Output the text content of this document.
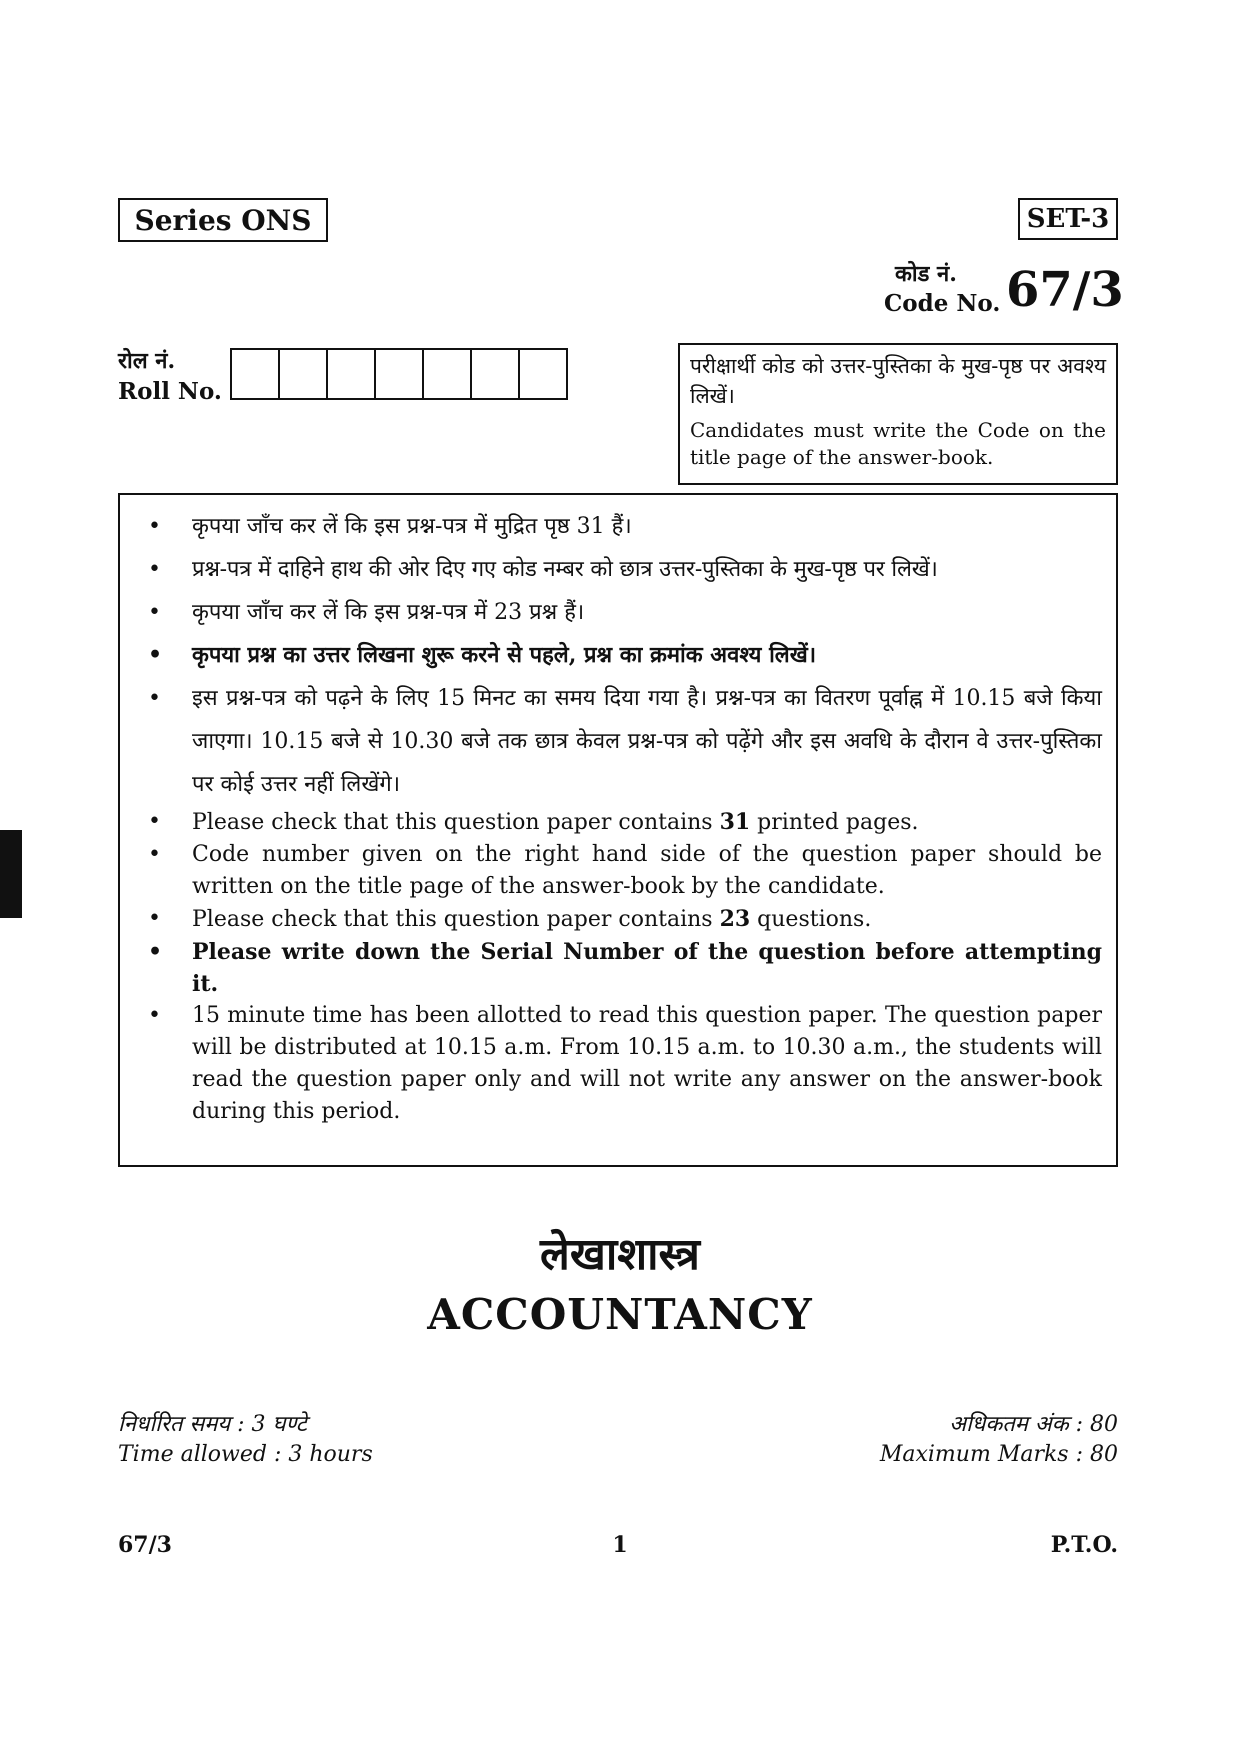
Series ONS	SET-3
कोड नं.
Code No. 67/3
रोल नं.
Roll No.
परीक्षार्थी कोड को उत्तर-पुस्तिका के मुख-पृष्ठ पर अवश्य लिखें।
Candidates must write the Code on the title page of the answer-book.
• कृपया जाँच कर लें कि इस प्रश्न-पत्र में मुद्रित पृष्ठ 31 हैं।
• प्रश्न-पत्र में दाहिने हाथ की ओर दिए गए कोड नम्बर को छात्र उत्तर-पुस्तिका के मुख-पृष्ठ पर लिखें।
• कृपया जाँच कर लें कि इस प्रश्न-पत्र में 23 प्रश्न हैं।
• कृपया प्रश्न का उत्तर लिखना शुरू करने से पहले, प्रश्न का क्रमांक अवश्य लिखें।
• इस प्रश्न-पत्र को पढ़ने के लिए 15 मिनट का समय दिया गया है। प्रश्न-पत्र का वितरण पूर्वाह्न में 10.15 बजे किया जाएगा। 10.15 बजे से 10.30 बजे तक छात्र केवल प्रश्न-पत्र को पढ़ेंगे और इस अवधि के दौरान वे उत्तर-पुस्तिका पर कोई उत्तर नहीं लिखेंगे।
• Please check that this question paper contains 31 printed pages.
• Code number given on the right hand side of the question paper should be written on the title page of the answer-book by the candidate.
• Please check that this question paper contains 23 questions.
• Please write down the Serial Number of the question before attempting it.
• 15 minute time has been allotted to read this question paper. The question paper will be distributed at 10.15 a.m. From 10.15 a.m. to 10.30 a.m., the students will read the question paper only and will not write any answer on the answer-book during this period.
लेखाशास्त्र
ACCOUNTANCY
निर्धारित समय : 3 घण्टे
Time allowed : 3 hours
अधिकतम अंक : 80
Maximum Marks : 80
67/3	1	P.T.O.
